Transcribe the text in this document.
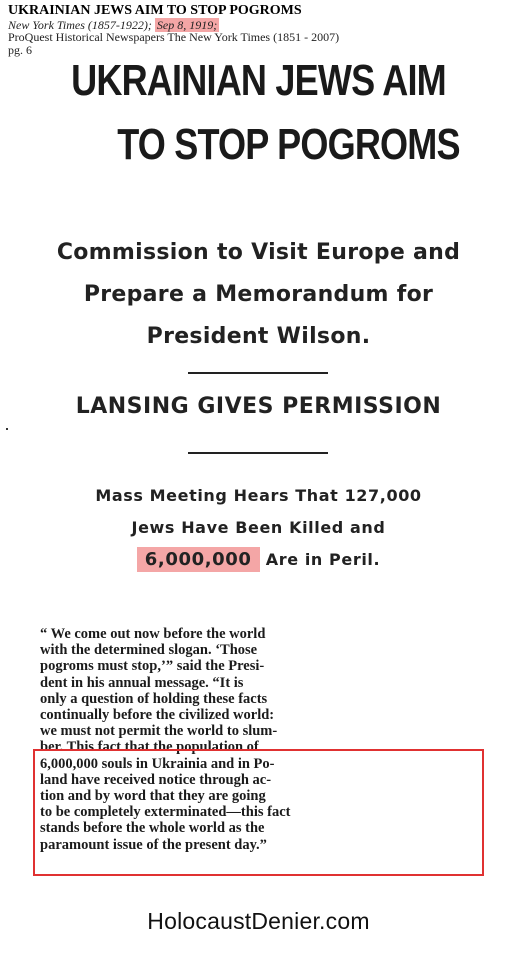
UKRAINIAN JEWS AIM TO STOP POGROMS
New York Times (1857-1922); Sep 8, 1919;
ProQuest Historical Newspapers The New York Times (1851 - 2007)
pg. 6
UKRAINIAN JEWS AIM
TO STOP POGROMS
Commission to Visit Europe and
Prepare a Memorandum for
President Wilson.
LANSING GIVES PERMISSION
Mass Meeting Hears That 127,000
Jews Have Been Killed and
6,000,000 Are in Peril.
“ We come out now before the world
with the determined slogan. ‘Those
pogroms must stop,’” said the Presi-
dent in his annual message. “It is
only a question of holding these facts
continually before the civilized world:
we must not permit the world to slum-
ber. This fact that the population of
6,000,000 souls in Ukrainia and in Po-
land have received notice through ac-
tion and by word that they are going
to be completely exterminated—this fact
stands before the whole world as the
paramount issue of the present day.”
HolocaustDenier.com
